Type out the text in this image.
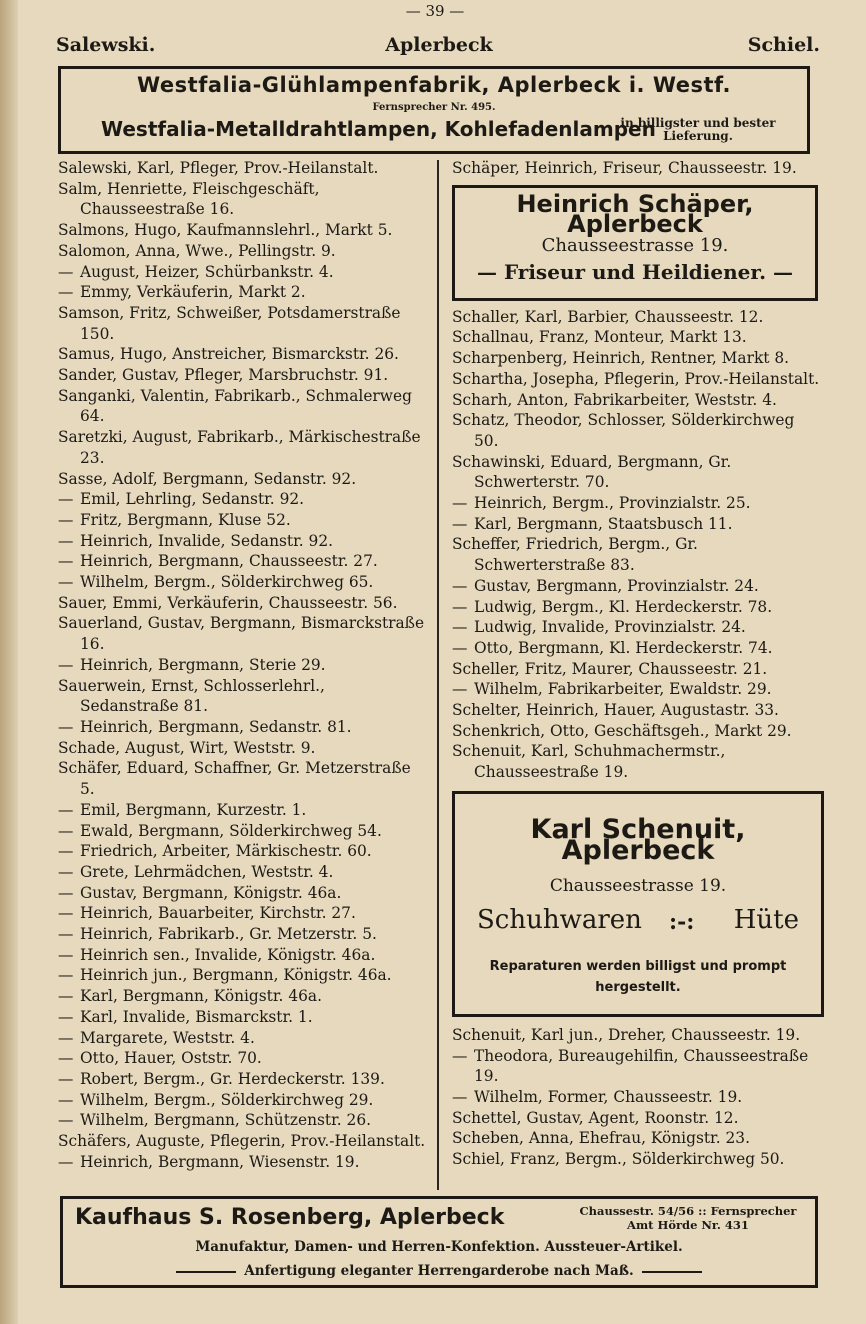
— 39 —
Salewski.	Aplerbeck	Schiel.
Westfalia-Glühlampenfabrik, Aplerbeck i. Westf.
Fernsprecher Nr. 495.
Westfalia-Metalldrahtlampen, Kohlefadenlampen
in billigster und bester Lieferung.
Salewski, Karl, Pfleger, Prov.-Heilanstalt.
Salm, Henriette, Fleischgeschäft, Chausseestraße 16.
Salmons, Hugo, Kaufmannslehrl., Markt 5.
Salomon, Anna, Wwe., Pellingstr. 9.
— August, Heizer, Schürbankstr. 4.
— Emmy, Verkäuferin, Markt 2.
Samson, Fritz, Schweißer, Potsdamerstraße 150.
Samus, Hugo, Anstreicher, Bismarckstr. 26.
Sander, Gustav, Pfleger, Marsbruchstr. 91.
Sanganki, Valentin, Fabrikarb., Schmalerweg 64.
Saretzki, August, Fabrikarb., Märkischestraße 23.
Sasse, Adolf, Bergmann, Sedanstr. 92.
— Emil, Lehrling, Sedanstr. 92.
— Fritz, Bergmann, Kluse 52.
— Heinrich, Invalide, Sedanstr. 92.
— Heinrich, Bergmann, Chausseestr. 27.
— Wilhelm, Bergm., Sölderkirchweg 65.
Sauer, Emmi, Verkäuferin, Chausseestr. 56.
Sauerland, Gustav, Bergmann, Bismarckstraße 16.
— Heinrich, Bergmann, Sterie 29.
Sauerwein, Ernst, Schlosserlehrl., Sedanstraße 81.
— Heinrich, Bergmann, Sedanstr. 81.
Schade, August, Wirt, Weststr. 9.
Schäfer, Eduard, Schaffner, Gr. Metzerstraße 5.
— Emil, Bergmann, Kurzestr. 1.
— Ewald, Bergmann, Sölderkirchweg 54.
— Friedrich, Arbeiter, Märkischestr. 60.
— Grete, Lehrmädchen, Weststr. 4.
— Gustav, Bergmann, Königstr. 46a.
— Heinrich, Bauarbeiter, Kirchstr. 27.
— Heinrich, Fabrikarb., Gr. Metzerstr. 5.
— Heinrich sen., Invalide, Königstr. 46a.
— Heinrich jun., Bergmann, Königstr. 46a.
— Karl, Bergmann, Königstr. 46a.
— Karl, Invalide, Bismarckstr. 1.
— Margarete, Weststr. 4.
— Otto, Hauer, Oststr. 70.
— Robert, Bergm., Gr. Herdeckerstr. 139.
— Wilhelm, Bergm., Sölderkirchweg 29.
— Wilhelm, Bergmann, Schützenstr. 26.
Schäfers, Auguste, Pflegerin, Prov.-Heilanstalt.
— Heinrich, Bergmann, Wiesenstr. 19.
Schäper, Heinrich, Friseur, Chausseestr. 19.
Heinrich Schäper, Aplerbeck
Chausseestrasse 19.
— Friseur und Heildiener. —
Schaller, Karl, Barbier, Chausseestr. 12.
Schallnau, Franz, Monteur, Markt 13.
Scharpenberg, Heinrich, Rentner, Markt 8.
Schartha, Josepha, Pflegerin, Prov.-Heilanstalt.
Scharh, Anton, Fabrikarbeiter, Weststr. 4.
Schatz, Theodor, Schlosser, Sölderkirchweg 50.
Schawinski, Eduard, Bergmann, Gr. Schwerterstr. 70.
— Heinrich, Bergm., Provinzialstr. 25.
— Karl, Bergmann, Staatsbusch 11.
Scheffer, Friedrich, Bergm., Gr. Schwerterstraße 83.
— Gustav, Bergmann, Provinzialstr. 24.
— Ludwig, Bergm., Kl. Herdeckerstr. 78.
— Ludwig, Invalide, Provinzialstr. 24.
— Otto, Bergmann, Kl. Herdeckerstr. 74.
Scheller, Fritz, Maurer, Chausseestr. 21.
— Wilhelm, Fabrikarbeiter, Ewaldstr. 29.
Schelter, Heinrich, Hauer, Augustastr. 33.
Schenkrich, Otto, Geschäftsgeh., Markt 29.
Schenuit, Karl, Schuhmachermstr., Chausseestraße 19.
Karl Schenuit, Aplerbeck
Chausseestrasse 19.
Schuhwaren :-: Hüte
Reparaturen werden billigst und prompt hergestellt.
Schenuit, Karl jun., Dreher, Chausseestr. 19.
— Theodora, Bureaugehilfin, Chausseestraße 19.
— Wilhelm, Former, Chausseestr. 19.
Schettel, Gustav, Agent, Roonstr. 12.
Scheben, Anna, Ehefrau, Königstr. 23.
Schiel, Franz, Bergm., Sölderkirchweg 50.
Kaufhaus S. Rosenberg, Aplerbeck	Chaussestr. 54/56 :: Fernsprecher Amt Hörde Nr. 431
Manufaktur, Damen- und Herren-Konfektion. Aussteuer-Artikel.
Anfertigung eleganter Herrengarderobe nach Maß.
